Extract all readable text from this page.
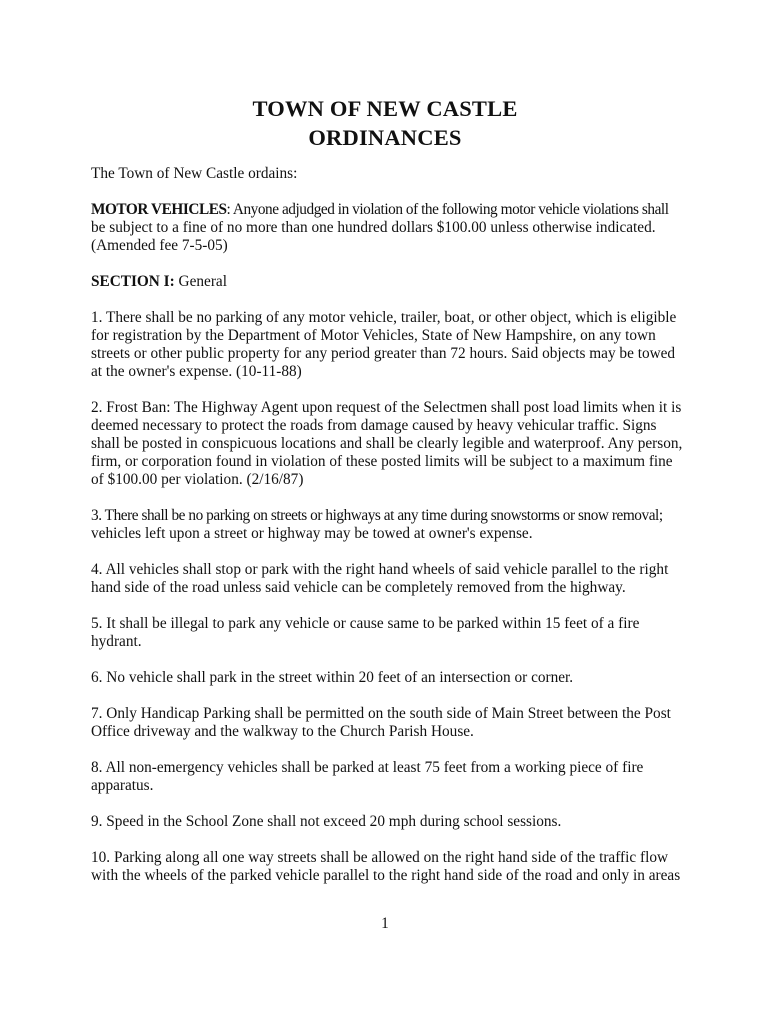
TOWN OF NEW CASTLE
ORDINANCES

The Town of New Castle ordains:

MOTOR VEHICLES: Anyone adjudged in violation of the following motor vehicle violations shall
be subject to a fine of no more than one hundred dollars $100.00 unless otherwise indicated.
(Amended fee 7-5-05)

SECTION I: General

1. There shall be no parking of any motor vehicle, trailer, boat, or other object, which is eligible
for registration by the Department of Motor Vehicles, State of New Hampshire, on any town
streets or other public property for any period greater than 72 hours. Said objects may be towed
at the owner's expense. (10-11-88)

2. Frost Ban: The Highway Agent upon request of the Selectmen shall post load limits when it is
deemed necessary to protect the roads from damage caused by heavy vehicular traffic. Signs
shall be posted in conspicuous locations and shall be clearly legible and waterproof. Any person,
firm, or corporation found in violation of these posted limits will be subject to a maximum fine
of $100.00 per violation. (2/16/87)

3. There shall be no parking on streets or highways at any time during snowstorms or snow removal;
vehicles left upon a street or highway may be towed at owner's expense.

4. All vehicles shall stop or park with the right hand wheels of said vehicle parallel to the right
hand side of the road unless said vehicle can be completely removed from the highway.

5. It shall be illegal to park any vehicle or cause same to be parked within 15 feet of a fire
hydrant.

6. No vehicle shall park in the street within 20 feet of an intersection or corner.

7. Only Handicap Parking shall be permitted on the south side of Main Street between the Post
Office driveway and the walkway to the Church Parish House.

8. All non-emergency vehicles shall be parked at least 75 feet from a working piece of fire
apparatus.

9. Speed in the School Zone shall not exceed 20 mph during school sessions.

10. Parking along all one way streets shall be allowed on the right hand side of the traffic flow
with the wheels of the parked vehicle parallel to the right hand side of the road and only in areas

1
